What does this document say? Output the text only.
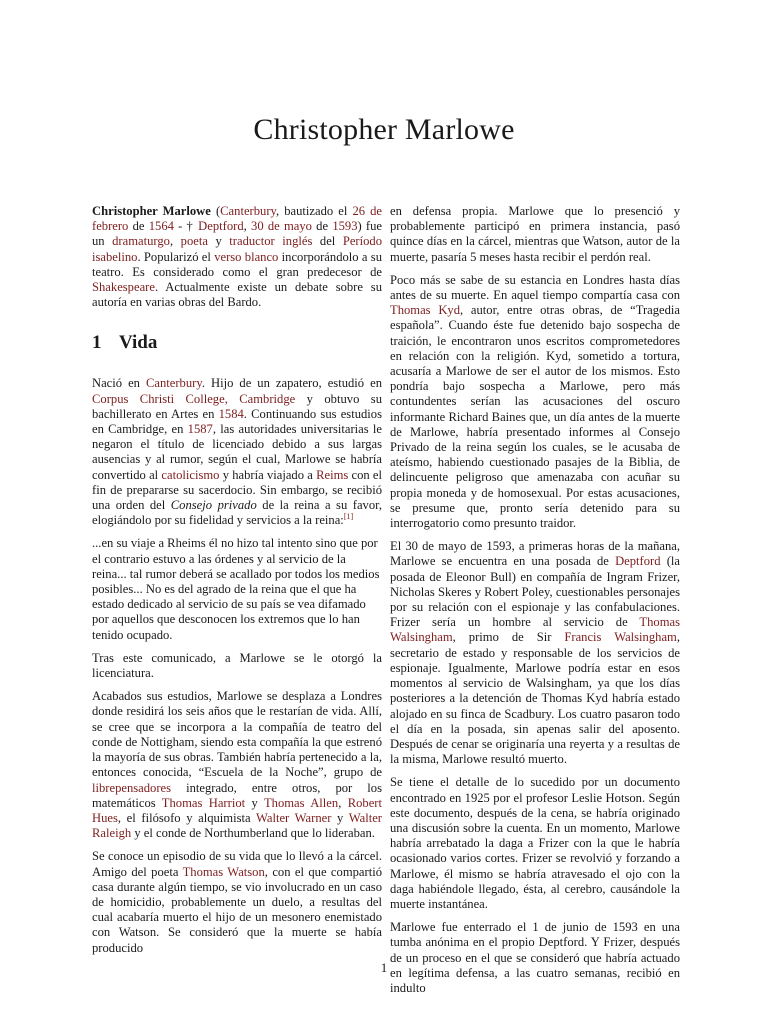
Christopher Marlowe

Christopher Marlowe (Canterbury, bautizado el 26 de febrero de 1564 - † Deptford, 30 de mayo de 1593) fue un dramaturgo, poeta y traductor inglés del Período isabelino. Popularizó el verso blanco incorporándolo a su teatro. Es considerado como el gran predecesor de Shakespeare. Actualmente existe un debate sobre su autoría en varias obras del Bardo.

1 Vida

Nació en Canterbury. Hijo de un zapatero, estudió en Corpus Christi College, Cambridge y obtuvo su bachillerato en Artes en 1584. Continuando sus estudios en Cambridge, en 1587, las autoridades universitarias le negaron el título de licenciado debido a sus largas ausencias y al rumor, según el cual, Marlowe se habría convertido al catolicismo y habría viajado a Reims con el fin de prepararse su sacerdocio. Sin embargo, se recibió una orden del Consejo privado de la reina a su favor, elogiándolo por su fidelidad y servicios a la reina:[1]

...en su viaje a Rheims él no hizo tal intento sino que por el contrario estuvo a las órdenes y al servicio de la reina... tal rumor deberá se acallado por todos los medios posibles... No es del agrado de la reina que el que ha estado dedicado al servicio de su país se vea difamado por aquellos que desconocen los extremos que lo han tenido ocupado.

Tras este comunicado, a Marlowe se le otorgó la licenciatura.

Acabados sus estudios, Marlowe se desplaza a Londres donde residirá los seis años que le restarían de vida. Allí, se cree que se incorpora a la compañía de teatro del conde de Nottigham, siendo esta compañía la que estrenó la mayoría de sus obras. También habría pertenecido a la, entonces conocida, “Escuela de la Noche”, grupo de librepensadores integrado, entre otros, por los matemáticos Thomas Harriot y Thomas Allen, Robert Hues, el filósofo y alquimista Walter Warner y Walter Raleigh y el conde de Northumberland que lo lideraban.

Se conoce un episodio de su vida que lo llevó a la cárcel. Amigo del poeta Thomas Watson, con el que compartió casa durante algún tiempo, se vio involucrado en un caso de homicidio, probablemente un duelo, a resultas del cual acabaría muerto el hijo de un mesonero enemistado con Watson. Se consideró que la muerte se había producido

en defensa propia. Marlowe que lo presenció y probablemente participó en primera instancia, pasó quince días en la cárcel, mientras que Watson, autor de la muerte, pasaría 5 meses hasta recibir el perdón real.

Poco más se sabe de su estancia en Londres hasta días antes de su muerte. En aquel tiempo compartía casa con Thomas Kyd, autor, entre otras obras, de “Tragedia española”. Cuando éste fue detenido bajo sospecha de traición, le encontraron unos escritos comprometedores en relación con la religión. Kyd, sometido a tortura, acusaría a Marlowe de ser el autor de los mismos. Esto pondría bajo sospecha a Marlowe, pero más contundentes serían las acusaciones del oscuro informante Richard Baines que, un día antes de la muerte de Marlowe, habría presentado informes al Consejo Privado de la reina según los cuales, se le acusaba de ateísmo, habiendo cuestionado pasajes de la Biblia, de delincuente peligroso que amenazaba con acuñar su propia moneda y de homosexual. Por estas acusaciones, se presume que, pronto sería detenido para su interrogatorio como presunto traidor.

El 30 de mayo de 1593, a primeras horas de la mañana, Marlowe se encuentra en una posada de Deptford (la posada de Eleonor Bull) en compañía de Ingram Frizer, Nicholas Skeres y Robert Poley, cuestionables personajes por su relación con el espionaje y las confabulaciones. Frizer sería un hombre al servicio de Thomas Walsingham, primo de Sir Francis Walsingham, secretario de estado y responsable de los servicios de espionaje. Igualmente, Marlowe podría estar en esos momentos al servicio de Walsingham, ya que los días posteriores a la detención de Thomas Kyd habría estado alojado en su finca de Scadbury. Los cuatro pasaron todo el día en la posada, sin apenas salir del aposento. Después de cenar se originaría una reyerta y a resultas de la misma, Marlowe resultó muerto.

Se tiene el detalle de lo sucedido por un documento encontrado en 1925 por el profesor Leslie Hotson. Según este documento, después de la cena, se habría originado una discusión sobre la cuenta. En un momento, Marlowe habría arrebatado la daga a Frizer con la que le habría ocasionado varios cortes. Frizer se revolvió y forzando a Marlowe, él mismo se habría atravesado el ojo con la daga habiéndole llegado, ésta, al cerebro, causándole la muerte instantánea.

Marlowe fue enterrado el 1 de junio de 1593 en una tumba anónima en el propio Deptford. Y Frizer, después de un proceso en el que se consideró que habría actuado en legítima defensa, a las cuatro semanas, recibió en indulto

1
